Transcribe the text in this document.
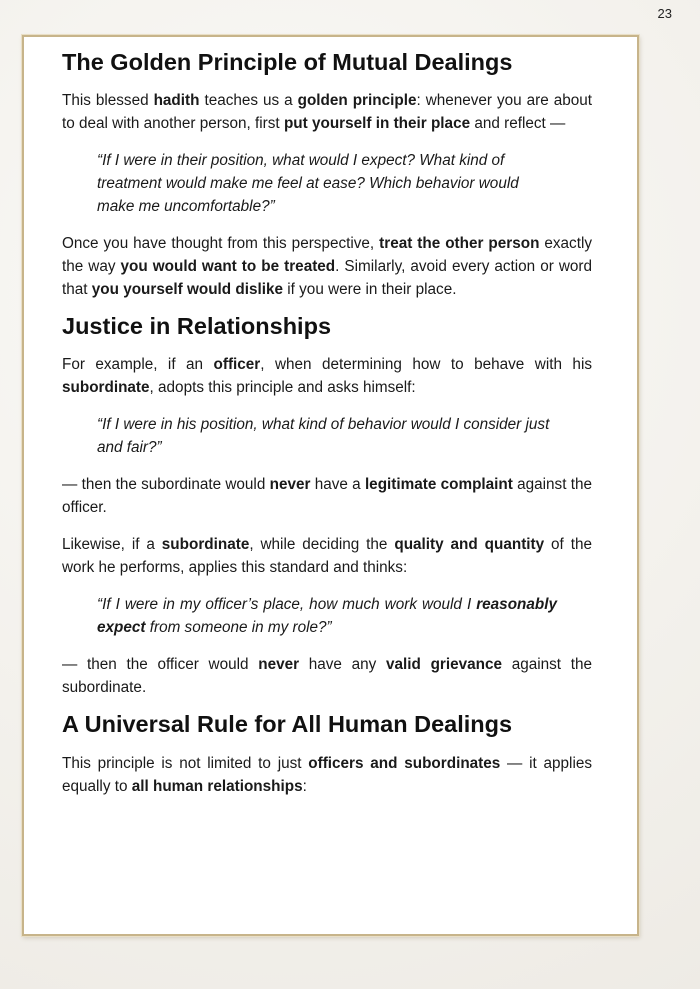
23
The Golden Principle of Mutual Dealings

This blessed hadith teaches us a golden principle: whenever you are about to deal with another person, first put yourself in their place and reflect —

“If I were in their position, what would I expect? What kind of treatment would make me feel at ease? Which behavior would make me uncomfortable?”

Once you have thought from this perspective, treat the other person exactly the way you would want to be treated. Similarly, avoid every action or word that you yourself would dislike if you were in their place.

Justice in Relationships

For example, if an officer, when determining how to behave with his subordinate, adopts this principle and asks himself:

“If I were in his position, what kind of behavior would I consider just and fair?”

— then the subordinate would never have a legitimate complaint against the officer.

Likewise, if a subordinate, while deciding the quality and quantity of the work he performs, applies this standard and thinks:

“If I were in my officer’s place, how much work would I reasonably expect from someone in my role?”

— then the officer would never have any valid grievance against the subordinate.

A Universal Rule for All Human Dealings

This principle is not limited to just officers and subordinates — it applies equally to all human relationships:
